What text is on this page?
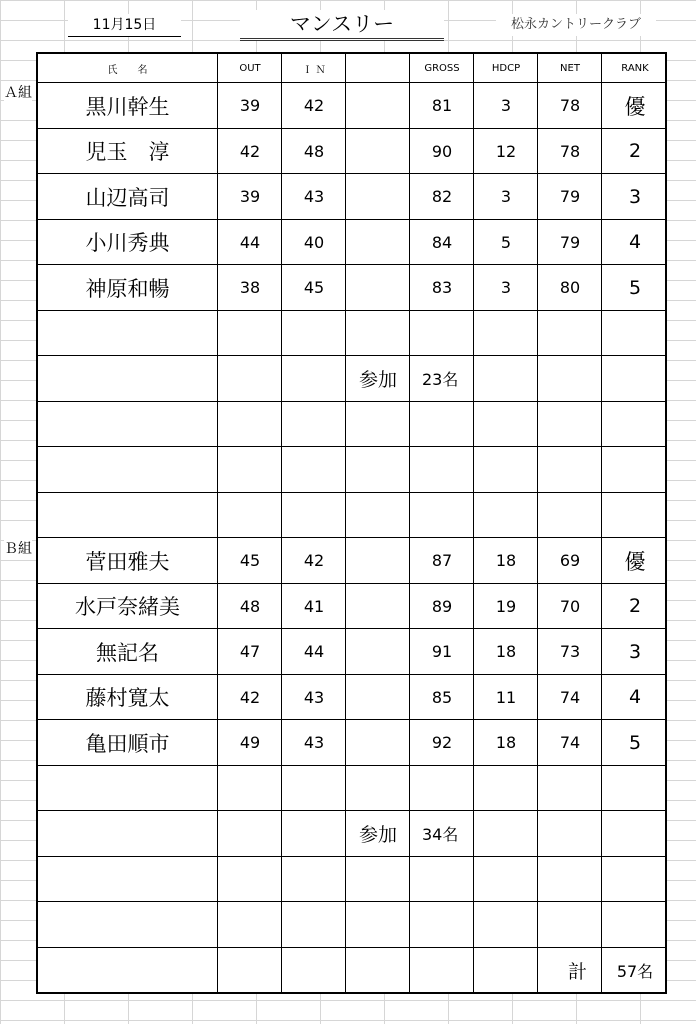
11月15日	マンスリー	松永カントリークラブ
Ａ組
Ｂ組
氏　　名	OUT	Ｉ Ｎ	GROSS	HDCP	NET	RANK
黒川幹生	39	42	81	3	78	優
児玉　淳	42	48	90	12	78	2
山辺高司	39	43	82	3	79	3
小川秀典	44	40	84	5	79	4
神原和暢	38	45	83	3	80	5
参加	23名
菅田雅夫	45	42	87	18	69	優
水戸奈緒美	48	41	89	19	70	2
無記名	47	44	91	18	73	3
藤村寛太	42	43	85	11	74	4
亀田順市	49	43	92	18	74	5
参加	34名
計	57名
